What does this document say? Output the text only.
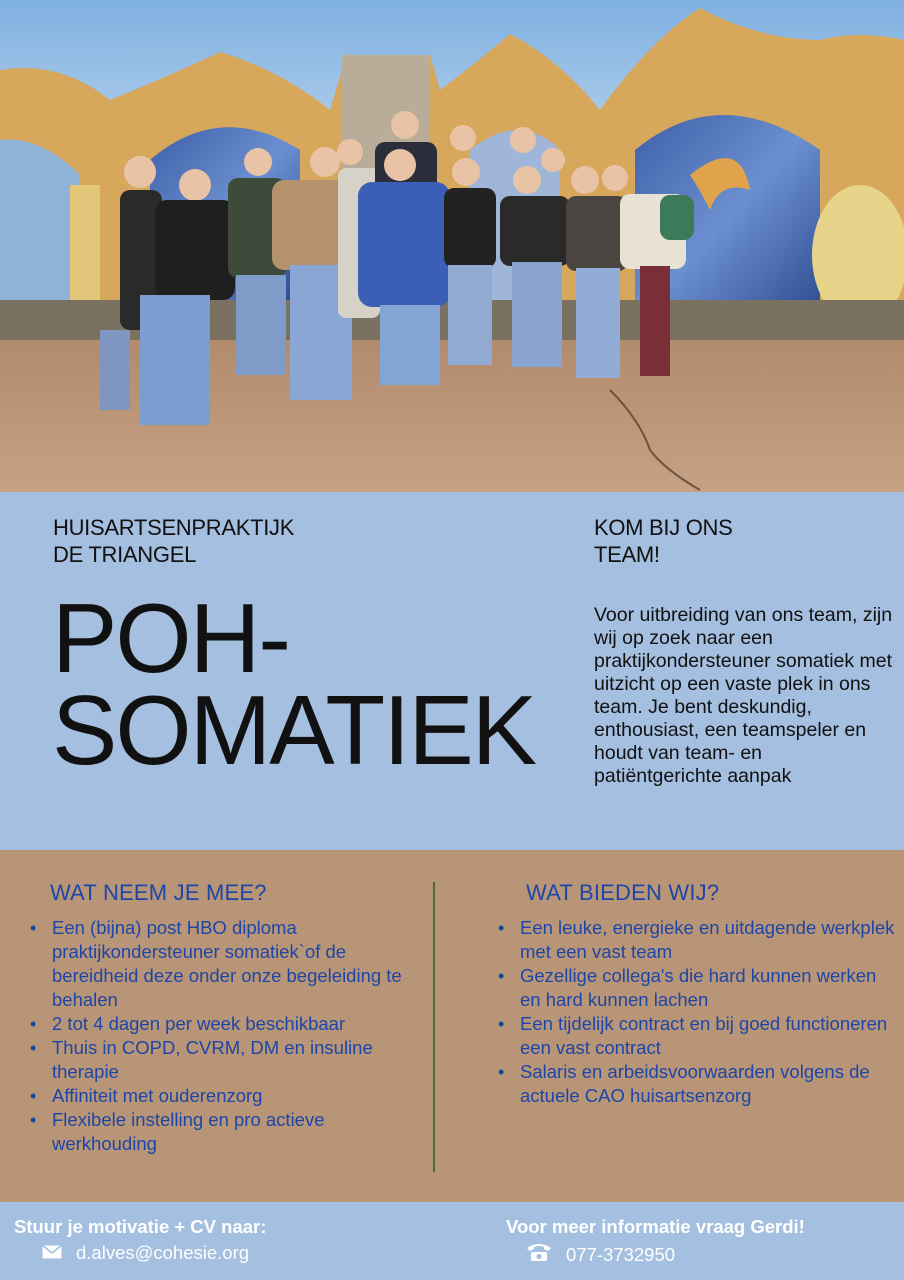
HUISARTSENPRAKTIJK
DE TRIANGEL
POH-
SOMATIEK
KOM BIJ ONS
TEAM!

Voor uitbreiding van ons team, zijn wij op zoek naar een praktijkondersteuner somatiek met uitzicht op een vaste plek in ons team. Je bent deskundig, enthousiast, een teamspeler en houdt van team- en patiëntgerichte aanpak

WAT NEEM JE MEE?
• Een (bijna) post HBO diploma praktijkondersteuner somatiek`of de bereidheid deze onder onze begeleiding te behalen
• 2 tot 4 dagen per week beschikbaar
• Thuis in COPD, CVRM, DM en insuline therapie
• Affiniteit met ouderenzorg
• Flexibele instelling en pro actieve werkhouding
WAT BIEDEN WIJ?
• Een leuke, energieke en uitdagende werkplek met een vast team
• Gezellige collega's die hard kunnen werken en hard kunnen lachen
• Een tijdelijk contract en bij goed functioneren een vast contract
• Salaris en arbeidsvoorwaarden volgens de actuele CAO huisartsenzorg
Stuur je motivatie + CV naar:
d.alves@cohesie.org
Voor meer informatie vraag Gerdi!
077-3732950
